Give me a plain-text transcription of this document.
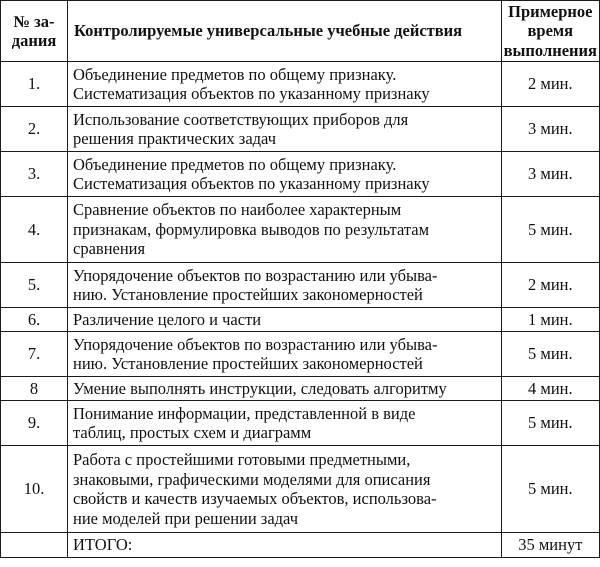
№ за-
дания	Контролируемые универсальные учебные действия	Примерное
время
выполнения
1.	Объединение предметов по общему признаку.
Систематизация объектов по указанному признаку	2 мин.
2.	Использование соответствующих приборов для
решения практических задач	3 мин.
3.	Объединение предметов по общему признаку.
Систематизация объектов по указанному признаку	3 мин.
4.	Сравнение объектов по наиболее характерным
признакам, формулировка выводов по результатам
сравнения	5 мин.
5.	Упорядочение объектов по возрастанию или убыва-
нию. Установление простейших закономерностей	2 мин.
6.	Различение целого и части	1 мин.
7.	Упорядочение объектов по возрастанию или убыва-
нию. Установление простейших закономерностей	5 мин.
8	Умение выполнять инструкции, следовать алгоритму	4 мин.
9.	Понимание информации, представленной в виде
таблиц, простых схем и диаграмм	5 мин.
10.	Работа с простейшими готовыми предметными,
знаковыми, графическими моделями для описания
свойств и качеств изучаемых объектов, использова-
ние моделей при решении задач	5 мин.
	ИТОГО:	35 минут
